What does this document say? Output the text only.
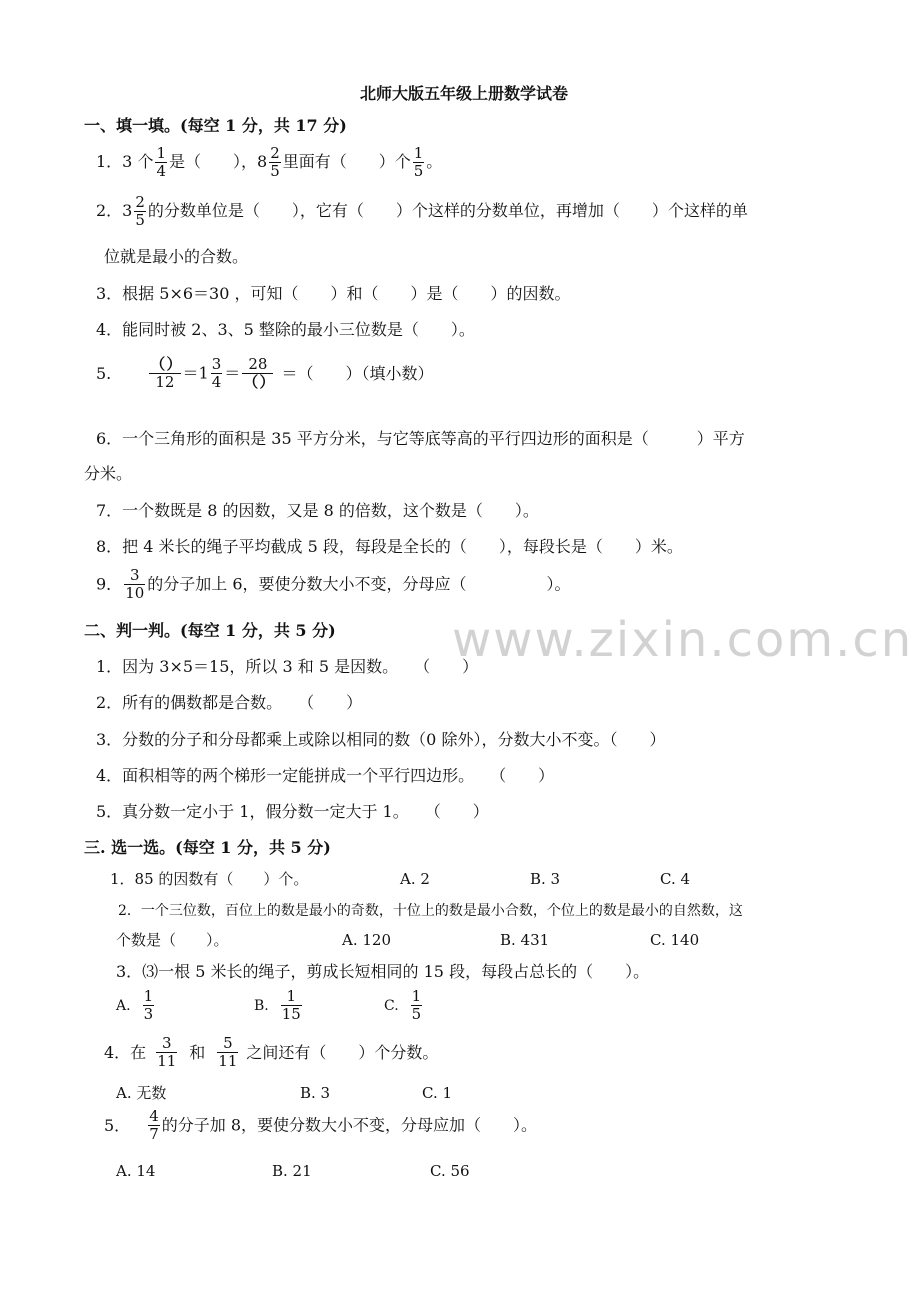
www.zixin.com.cn
北师大版五年级上册数学试卷
一、填一填。(每空 1 分，共 17 分)
1．3 个 $\frac{1}{4}$ 是（　　），$8 \frac{2}{5}$ 里面有（　　）个 $\frac{1}{5}$ 。
2．$3 \frac{2}{5}$ 的分数单位是（　　），它有（　　）个这样的分数单位，再增加（　　）个这样的单
位就是最小的合数。
3．根据 5×6＝30 ，可知（　　）和（　　）是（　　）的因数。
4．能同时被 2、3、5 整除的最小三位数是（　　）。
5.	$\frac{( )}{12} =1 \frac{3}{4} = \frac{28}{( )}$ ＝（　　）（填小数）
6．一个三角形的面积是 35 平方分米，与它等底等高的平行四边形的面积是（　　　）平方
分米。
7．一个数既是 8 的因数，又是 8 的倍数，这个数是（　　）。
8．把 4 米长的绳子平均截成 5 段，每段是全长的（　　），每段长是（　　）米。
9． $\frac{3}{10}$ 的分子加上 6，要使分数大小不变，分母应（　　　　　）。
二、判一判。(每空 1 分，共 5 分)
1．因为 3×5＝15，所以 3 和 5 是因数。　　（　　）
2．所有的偶数都是合数。　　（　　）
3．分数的分子和分母都乘上或除以相同的数（0 除外），分数大小不变。（　　）
4．面积相等的两个梯形一定能拼成一个平行四边形。　　（　　）
5．真分数一定小于 1，假分数一定大于 1。　　（　　）
三. 选一选。(每空 1 分，共 5 分)
1．85 的因数有（　　）个。	A. 2	B. 3	C. 4
2．一个三位数，百位上的数是最小的奇数，十位上的数是最小合数，个位上的数是最小的自然数，这
个数是（　　）。	A. 120	B. 431	C. 140
3．⑶一根 5 米长的绳子，剪成长短相同的 15 段，每段占总长的（　　）。
A. $\frac{1}{3}$	B. $\frac{1}{15}$	C. $\frac{1}{5}$
4．在 $\frac{3}{11}$ 和 $\frac{5}{11}$ 之间还有（　　）个分数。
A. 无数	B. 3	C. 1
5． $\frac{4}{7}$ 的分子加 8，要使分数大小不变，分母应加（　　）。
A. 14	B. 21	C. 56
